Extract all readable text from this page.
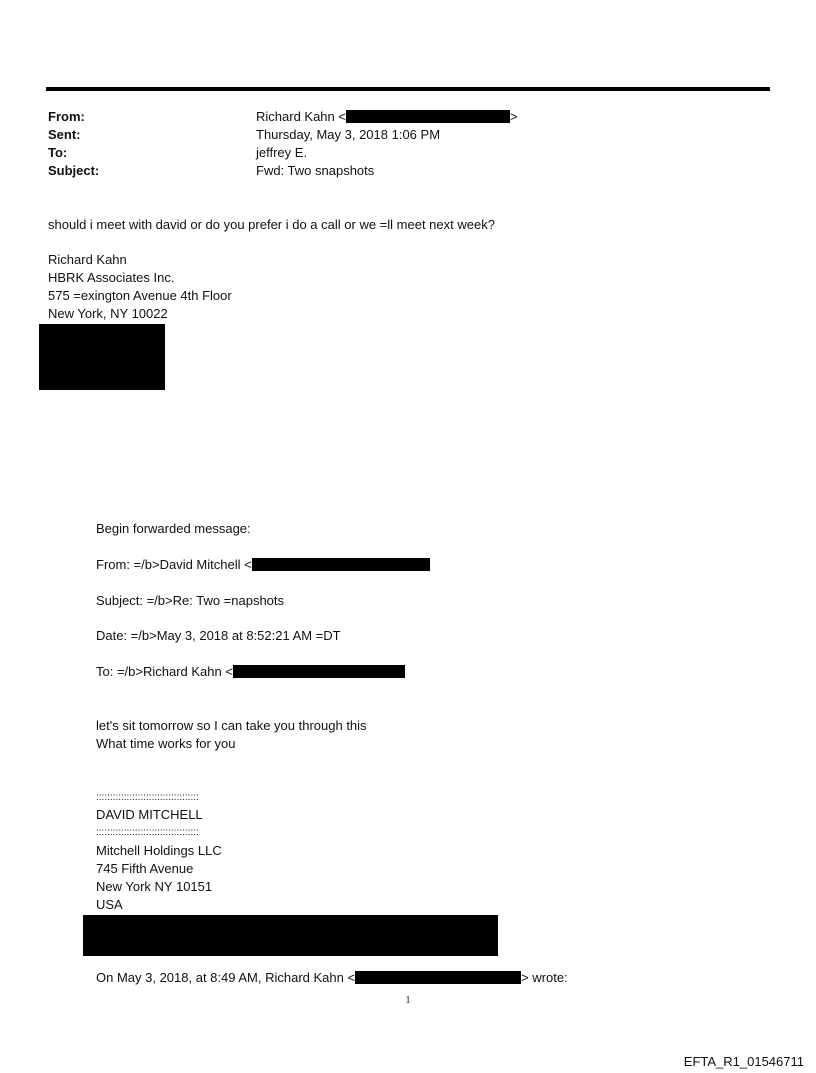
From:	Richard Kahn <	>
Sent:	Thursday, May 3, 2018 1:06 PM
To:	jeffrey E.
Subject:	Fwd: Two snapshots
should i meet with david or do you prefer i do a call or we =ll meet next week?
Richard Kahn
HBRK Associates Inc.
575 =exington Avenue 4th Floor
New York, NY 10022
Begin forwarded message:
From: =/b>David Mitchell <
Subject: =/b>Re: Two =napshots
Date: =/b>May 3, 2018 at 8:52:21 AM =DT
To: =/b>Richard Kahn <
let's sit tomorrow so I can take you through this
What time works for you
:::::::::::::::::::::::::::::::::::::
DAVID MITCHELL
:::::::::::::::::::::::::::::::::::::
Mitchell Holdings LLC
745 Fifth Avenue
New York NY 10151
USA
On May 3, 2018, at 8:49 AM, Richard Kahn <	> wrote:
1
EFTA_R1_01546711
